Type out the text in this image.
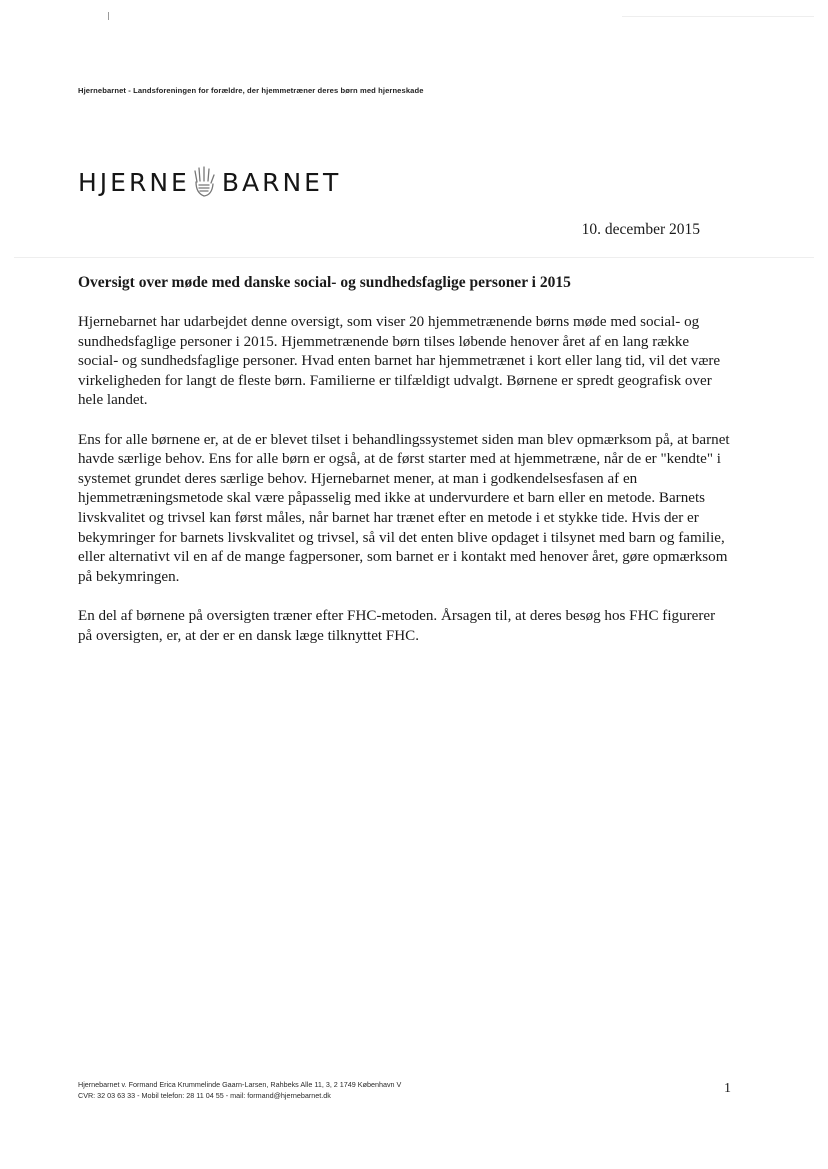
Hjernebarnet - Landsforeningen for forældre, der hjemmetræner deres børn med hjerneskade
HJERNE BARNET
10. december 2015
Oversigt over møde med danske social- og sundhedsfaglige personer i 2015

Hjernebarnet har udarbejdet denne oversigt, som viser 20 hjemmetrænende børns møde med social- og sundhedsfaglige personer i 2015. Hjemmetrænende børn tilses løbende henover året af en lang række social- og sundhedsfaglige personer. Hvad enten barnet har hjemmetrænet i kort eller lang tid, vil det være virkeligheden for langt de fleste børn. Familierne er tilfældigt udvalgt. Børnene er spredt geografisk over hele landet.

Ens for alle børnene er, at de er blevet tilset i behandlingssystemet siden man blev opmærksom på, at barnet havde særlige behov. Ens for alle børn er også, at de først starter med at hjemmetræne, når de er "kendte" i systemet grundet deres særlige behov. Hjernebarnet mener, at man i godkendelsesfasen af en hjemmetræningsmetode skal være påpasselig med ikke at undervurdere et barn eller en metode. Barnets livskvalitet og trivsel kan først måles, når barnet har trænet efter en metode i et stykke tide. Hvis der er bekymringer for barnets livskvalitet og trivsel, så vil det enten blive opdaget i tilsynet med barn og familie, eller alternativt vil en af de mange fagpersoner, som barnet er i kontakt med henover året, gøre opmærksom på bekymringen.

En del af børnene på oversigten træner efter FHC-metoden. Årsagen til, at deres besøg hos FHC figurerer på oversigten, er, at der er en dansk læge tilknyttet FHC.

Hjernebarnet v. Formand Erica Krummelinde Gaarn-Larsen, Rahbeks Alle 11, 3, 2 1749 København V
CVR: 32 03 63 33 - Mobil telefon: 28 11 04 55 - mail: formand@hjernebarnet.dk	1
